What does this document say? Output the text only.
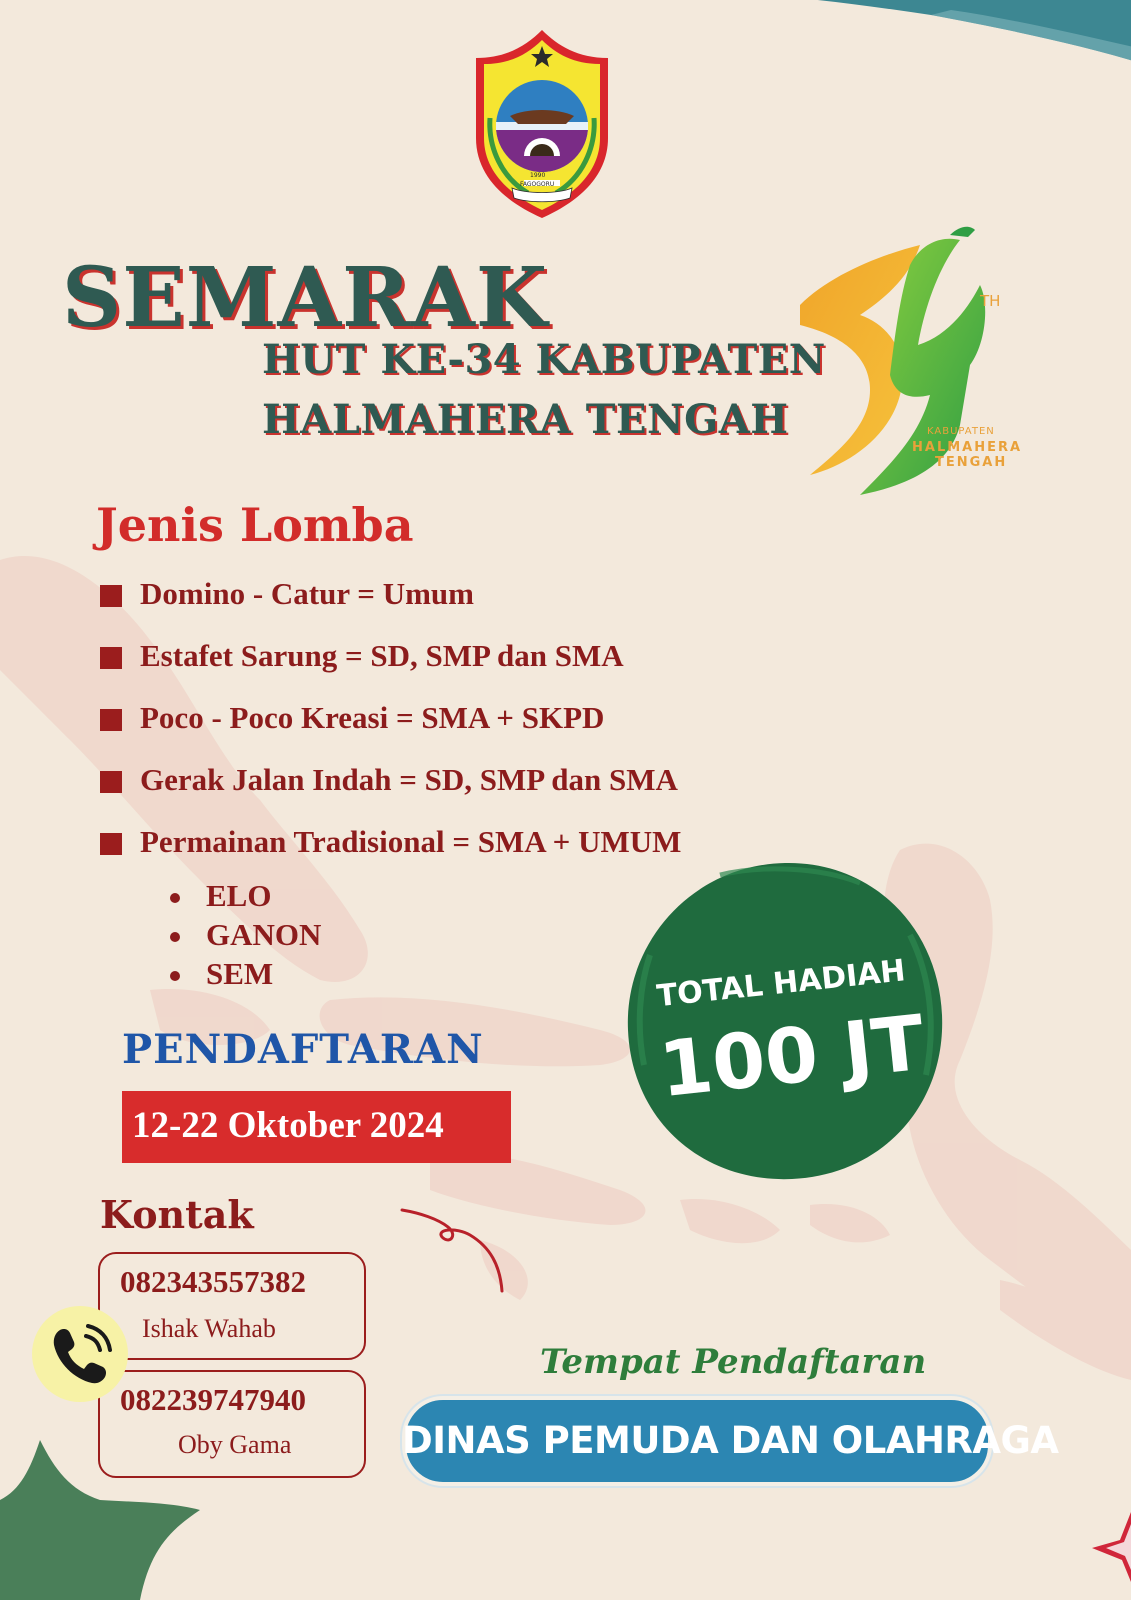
1990
FAGOGORU
SEMARAK
HUT KE-34 KABUPATEN
HALMAHERA TENGAH
TH
KABUPATEN
HALMAHERA
TENGAH
Jenis Lomba
Domino - Catur = Umum
Estafet Sarung = SD, SMP dan SMA
Poco - Poco Kreasi = SMA + SKPD
Gerak Jalan Indah = SD, SMP dan SMA
Permainan Tradisional = SMA + UMUM
ELO
GANON
SEM	TOTAL HADIAH
100 JT
PENDAFTARAN
12-22 Oktober 2024
Kontak
082343557382
Ishak Wahab
082239747940
Oby Gama
Tempat Pendaftaran
DINAS PEMUDA DAN OLAHRAGA
